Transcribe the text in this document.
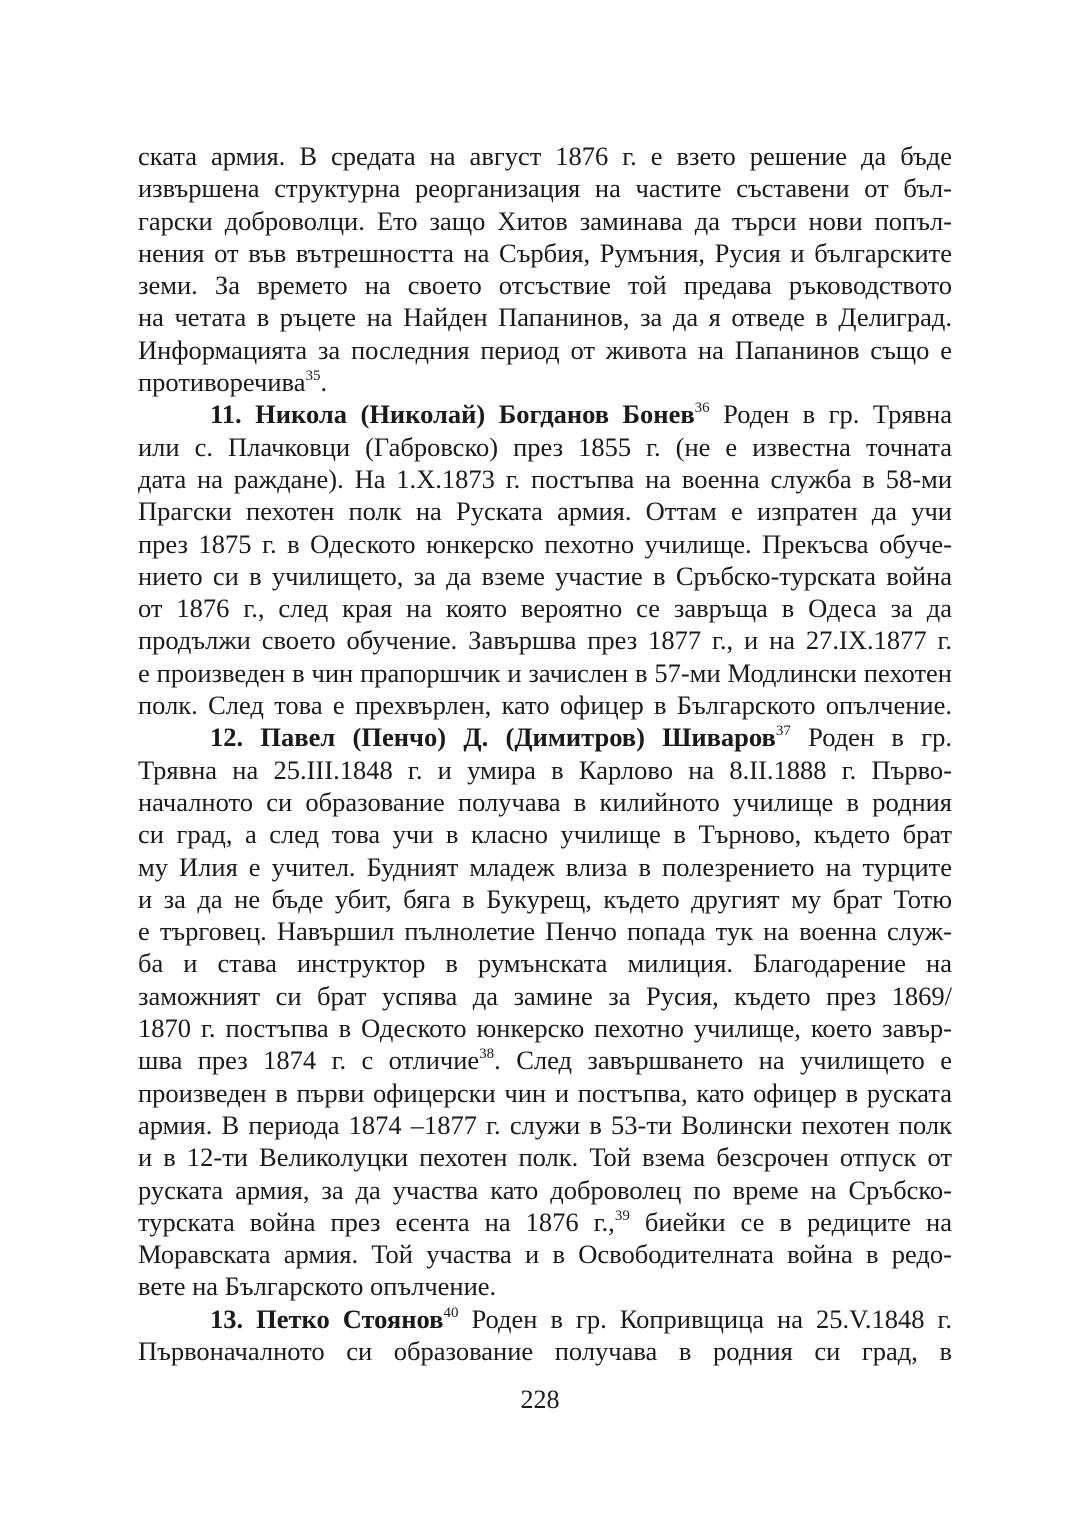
ската армия. В средата на август 1876 г. е взето решение да бъде
извършена структурна реорганизация на частите съставени от бъл-
гарски доброволци. Ето защо Хитов заминава да търси нови попъл-
нения от във вътрешността на Сърбия, Румъния, Русия и българските
земи. За времето на своето отсъствие той предава ръководството
на четата в ръцете на Найден Папанинов, за да я отведе в Делиград.
Информацията за последния период от живота на Папанинов също е
противоречива$^{35}$.
11. Никола (Николай) Богданов Бонев$^{36}$ Роден в гр. Трявна
или с. Плачковци (Габровско) през 1855 г. (не е известна точната
дата на раждане). На 1.Х.1873 г. постъпва на военна служба в 58-ми
Прагски пехотен полк на Руската армия. Оттам е изпратен да учи
през 1875 г. в Одеското юнкерско пехотно училище. Прекъсва обуче-
нието си в училището, за да вземе участие в Сръбско-турската война
от 1876 г., след края на която вероятно се завръща в Одеса за да
продължи своето обучение. Завършва през 1877 г., и на 27.IX.1877 г.
е произведен в чин прапоршчик и зачислен в 57-ми Модлински пехотен
полк. След това е прехвърлен, като офицер в Българското опълчение.
12. Павел (Пенчо) Д. (Димитров) Шиваров$^{37}$ Роден в гр.
Трявна на 25.III.1848 г. и умира в Карлово на 8.II.1888 г. Първо-
началното си образование получава в килийното училище в родния
си град, а след това учи в класно училище в Търново, където брат
му Илия е учител. Будният младеж влиза в полезрението на турците
и за да не бъде убит, бяга в Букурещ, където другият му брат Тотю
е търговец. Навършил пълнолетие Пенчо попада тук на военна служ-
ба и става инструктор в румънската милиция. Благодарение на
заможният си брат успява да замине за Русия, където през 1869/
1870 г. постъпва в Одеското юнкерско пехотно училище, което завър-
шва през 1874 г. с отличие$^{38}$. След завършването на училището е
произведен в първи офицерски чин и постъпва, като офицер в руската
армия. В периода 1874 –1877 г. служи в 53-ти Волински пехотен полк
и в 12-ти Великолуцки пехотен полк. Той взема безсрочен отпуск от
руската армия, за да участва като доброволец по време на Сръбско-
турската война през есента на 1876 г.,$^{39}$ биейки се в редиците на
Моравската армия. Той участва и в Освободителната война в редо-
вете на Българското опълчение.
13. Петко Стоянов$^{40}$ Роден в гр. Копривщица на 25.V.1848 г.
Първоначалното си образование получава в родния си град, в
228
